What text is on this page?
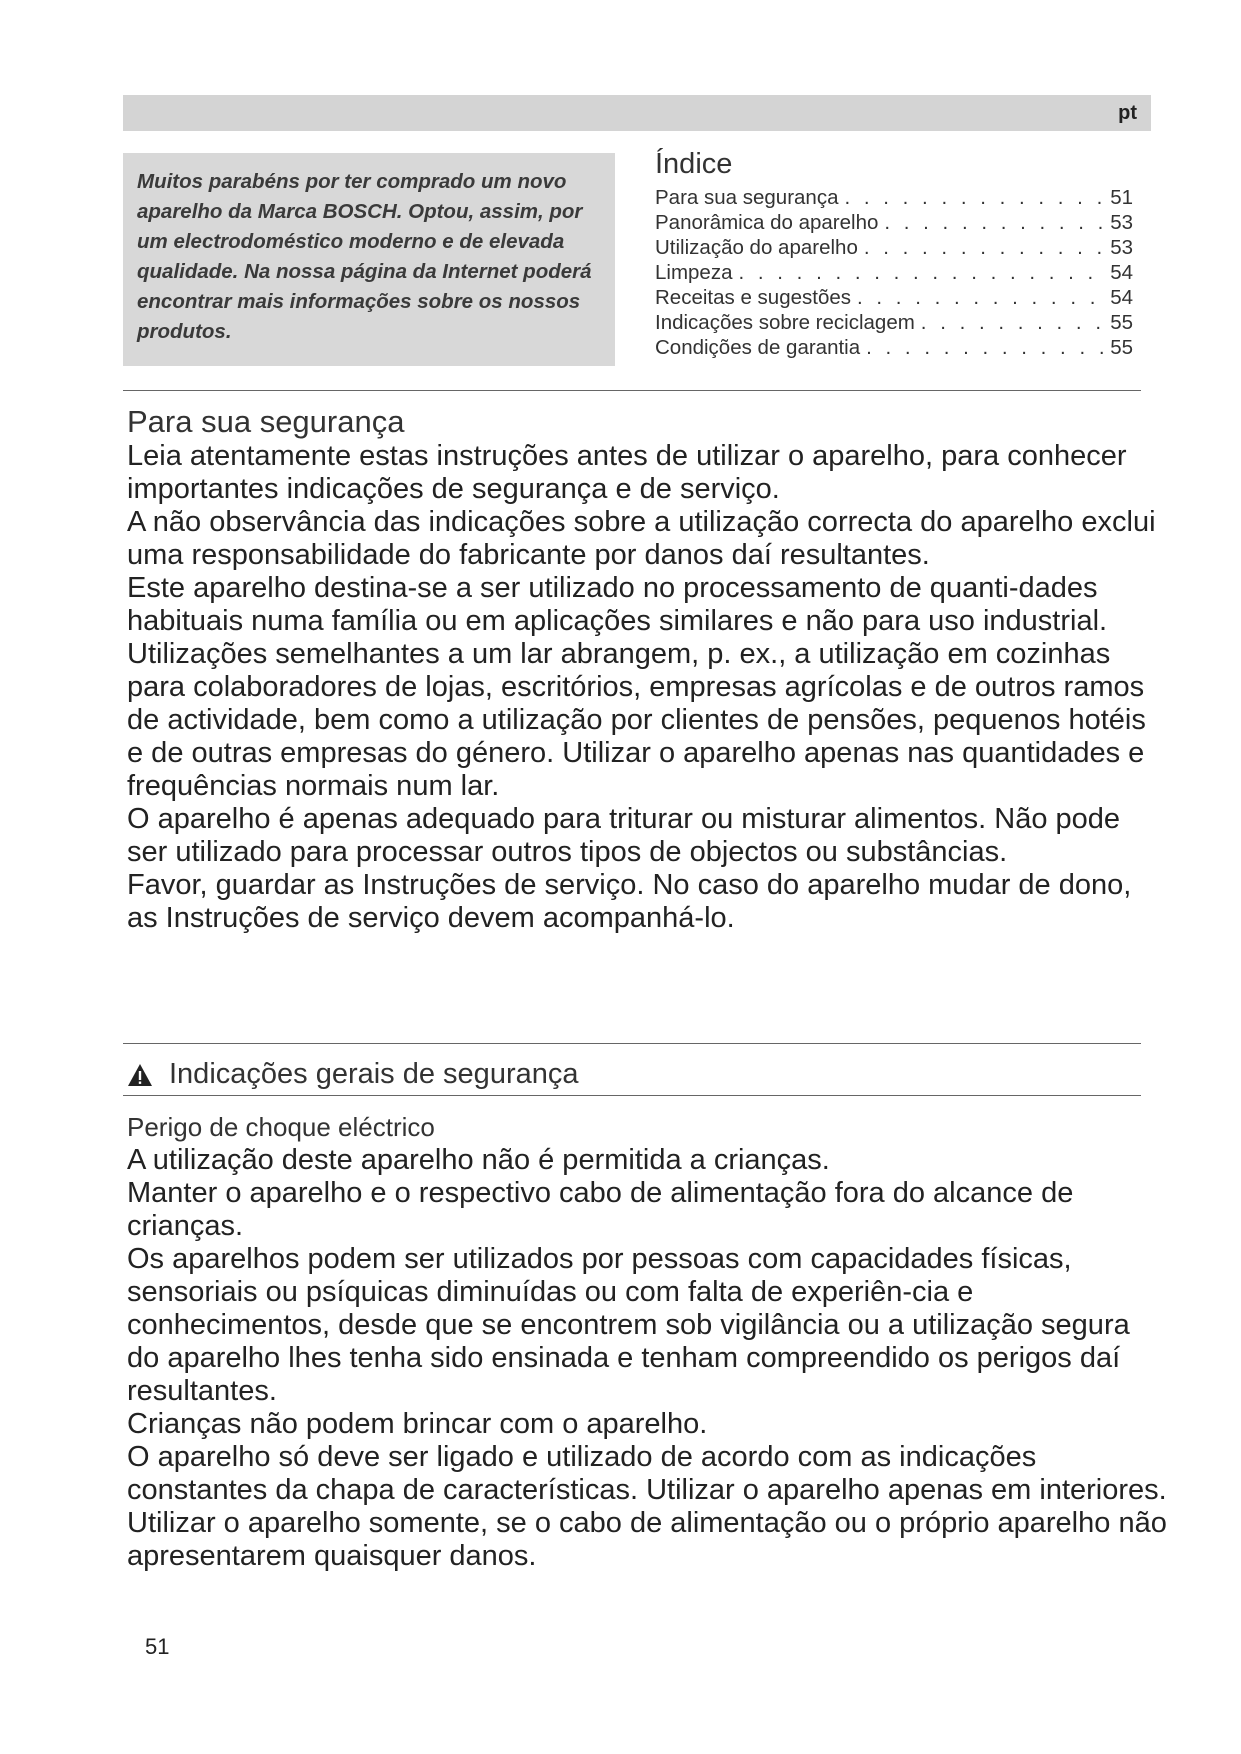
pt

Muitos parabéns por ter comprado um novo aparelho da Marca BOSCH. Optou, assim, por um electrodoméstico moderno e de elevada qualidade. Na nossa página da Internet poderá encontrar mais informações sobre os nossos produtos.

Índice
Para sua segurança . . .	51
Panorâmica do aparelho . . .	53
Utilização do aparelho . . .	53
Limpeza . . .	54
Receitas e sugestões . . .	54
Indicações sobre reciclagem . . .	55
Condições de garantia . . .	55
Para sua segurança

Leia atentamente estas instruções antes de utilizar o aparelho, para conhecer importantes indicações de segurança e de serviço.

A não observância das indicações sobre a utilização correcta do aparelho exclui uma responsabilidade do fabricante por danos daí resultantes.

Este aparelho destina-se a ser utilizado no processamento de quanti-dades habituais numa família ou em aplicações similares e não para uso industrial. Utilizações semelhantes a um lar abrangem, p. ex., a utilização em cozinhas para colaboradores de lojas, escritórios, empresas agrícolas e de outros ramos de actividade, bem como a utilização por clientes de pensões, pequenos hotéis e de outras empresas do género. Utilizar o aparelho apenas nas quantidades e frequências normais num lar.

O aparelho é apenas adequado para triturar ou misturar alimentos. Não pode ser utilizado para processar outros tipos de objectos ou substâncias.

Favor, guardar as Instruções de serviço. No caso do aparelho mudar de dono, as Instruções de serviço devem acompanhá-lo.

Indicações gerais de segurança
Perigo de choque eléctrico

A utilização deste aparelho não é permitida a crianças.

Manter o aparelho e o respectivo cabo de alimentação fora do alcance de crianças.

Os aparelhos podem ser utilizados por pessoas com capacidades físicas, sensoriais ou psíquicas diminuídas ou com falta de experiên-cia e conhecimentos, desde que se encontrem sob vigilância ou a utilização segura do aparelho lhes tenha sido ensinada e tenham compreendido os perigos daí resultantes.

Crianças não podem brincar com o aparelho.

O aparelho só deve ser ligado e utilizado de acordo com as indicações constantes da chapa de características. Utilizar o aparelho apenas em interiores. Utilizar o aparelho somente, se o cabo de alimentação ou o próprio aparelho não apresentarem quaisquer danos.

51
